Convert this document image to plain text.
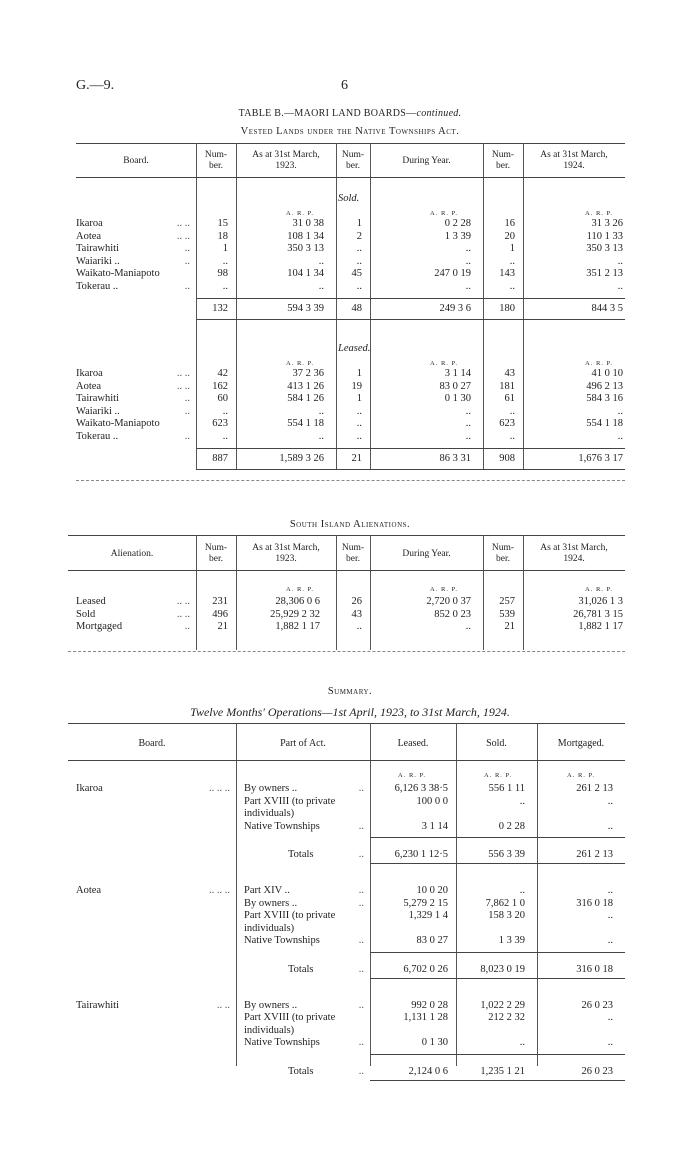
G.—9.	6
TABLE B.—MAORI LAND BOARDS—continued.
Vested Lands under the Native Townships Act.
Board.
Num-
ber.
As at 31st March,
1923.
Num-
ber.	During Year.
Num-
ber.
As at 31st March,
1924.
Sold.
A. R. P.	A. R. P.	A. R. P.
Ikaroa	.. ..	15	31 0 38	1	0 2 28	16	31 3 26
Aotea	.. ..	18	108 1 34	2	1 3 39	20	110 1 33
Tairawhiti	..	1	350 3 13	..	..	1	350 3 13
Waiariki ..	..	..	..	..	..	..	..
Waikato-Maniapoto	98	104 1 34	45	247 0 19	143	351 2 13
Tokerau ..	..	..	..	..	..	..	..
132	594 3 39	48	249 3 6	180	844 3 5
Leased.
A. R. P.	A. R. P.	A. R. P.
Ikaroa	.. ..	42	37 2 36	1	3 1 14	43	41 0 10
Aotea	.. .. 162	413 1 26	19	83 0 27	181	496 2 13
Tairawhiti	..	60	584 1 26	1	0 1 30	61	584 3 16
Waiariki ..	..	..	..	..	..	..	..
Waikato-Maniapoto	623	554 1 18	..	..	623	554 1 18
Tokerau ..	..	..	..	..	..	..	..
887	1,589 3 26	21	86 3 31	908	1,676 3 17
Alienation.
Num-
ber.
As at 31st March,
1923.
Num-
ber.	During Year.
Num-
ber.
As at 31st March,
1924.
A. R. P.	A. R. P.	A. R. P.
Leased	.. .. 231	28,306 0 6	26	2,720 0 37	257	31,026 1 3
Sold	.. .. 496	25,929 2 32	43	852 0 23	539	26,781 3 15
Mortgaged	..	21	1,882 1 17	..	..	21	1,882 1 17
South Island Alienations.
Summary.
Twelve Months' Operations—1st April, 1923, to 31st March, 1924.
Board.	Part of Act.	Leased.	Sold.	Mortgaged.
A. R. P.	A. R. P.	A. R. P.
Ikaroa	.. .. .. By owners ..	..	6,126 3 38·5	556 1 11	261 2 13
Part XVIII (to private	100 0 0	..	..
individuals)
Native Townships	..	3 1 14	0 2 28	..
Totals	..	6,230 1 12·5	556 3 39	261 2 13
Aotea	.. .. .. Part XIV ..	..	10 0 20	..	..
By owners ..	..	5,279 2 15	7,862 1 0	316 0 18
Part XVIII (to private	1,329 1 4	158 3 20	..
individuals)
Native Townships	..	83 0 27	1 3 39	..
Totals	..	6,702 0 26	8,023 0 19	316 0 18
Tairawhiti	.. .. By owners ..	..	992 0 28	1,022 2 29	26 0 23
Part XVIII (to private	1,131 1 28	212 2 32	..
individuals)
Native Townships	..	0 1 30	..	..
Totals	..	2,124 0 6	1,235 1 21	26 0 23
